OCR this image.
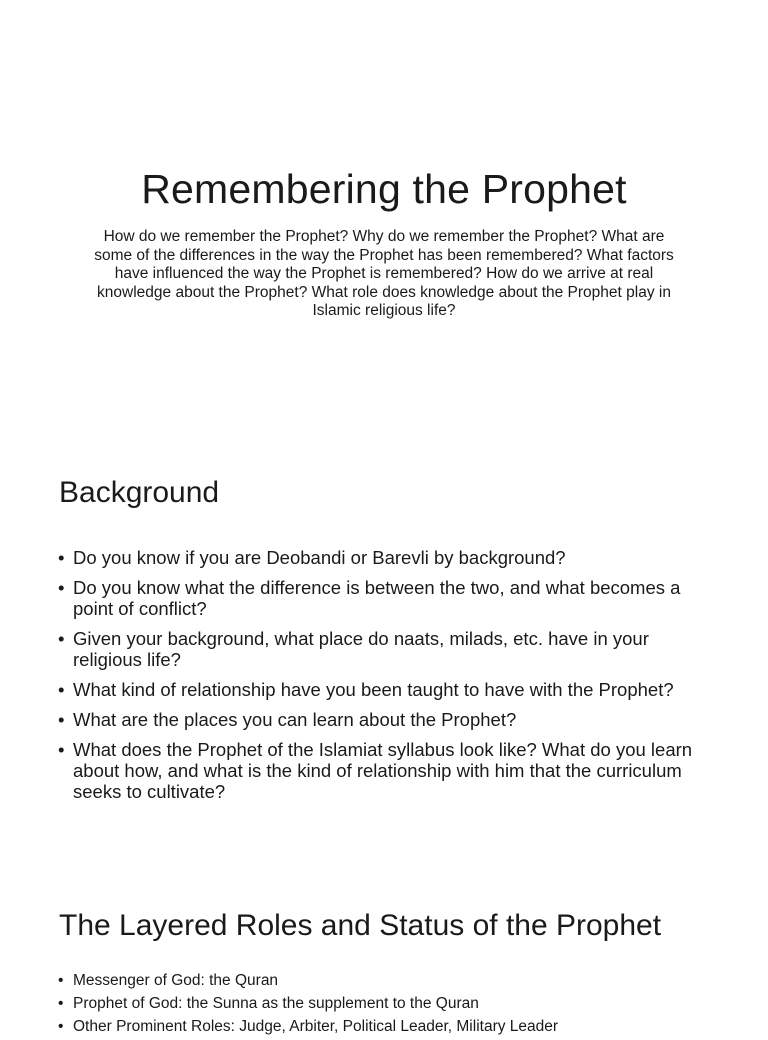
Remembering the Prophet

How do we remember the Prophet? Why do we remember the Prophet? What are some of the differences in the way the Prophet has been remembered? What factors have influenced the way the Prophet is remembered? How do we arrive at real knowledge about the Prophet? What role does knowledge about the Prophet play in Islamic religious life?

Background
• Do you know if you are Deobandi or Barevli by background?
• Do you know what the difference is between the two, and what becomes a point of conflict?
• Given your background, what place do naats, milads, etc. have in your religious life?
• What kind of relationship have you been taught to have with the Prophet?
• What are the places you can learn about the Prophet?
• What does the Prophet of the Islamiat syllabus look like? What do you learn about how, and what is the kind of relationship with him that the curriculum seeks to cultivate?
The Layered Roles and Status of the Prophet
• Messenger of God: the Quran
• Prophet of God: the Sunna as the supplement to the Quran
• Other Prominent Roles: Judge, Arbiter, Political Leader, Military Leader
